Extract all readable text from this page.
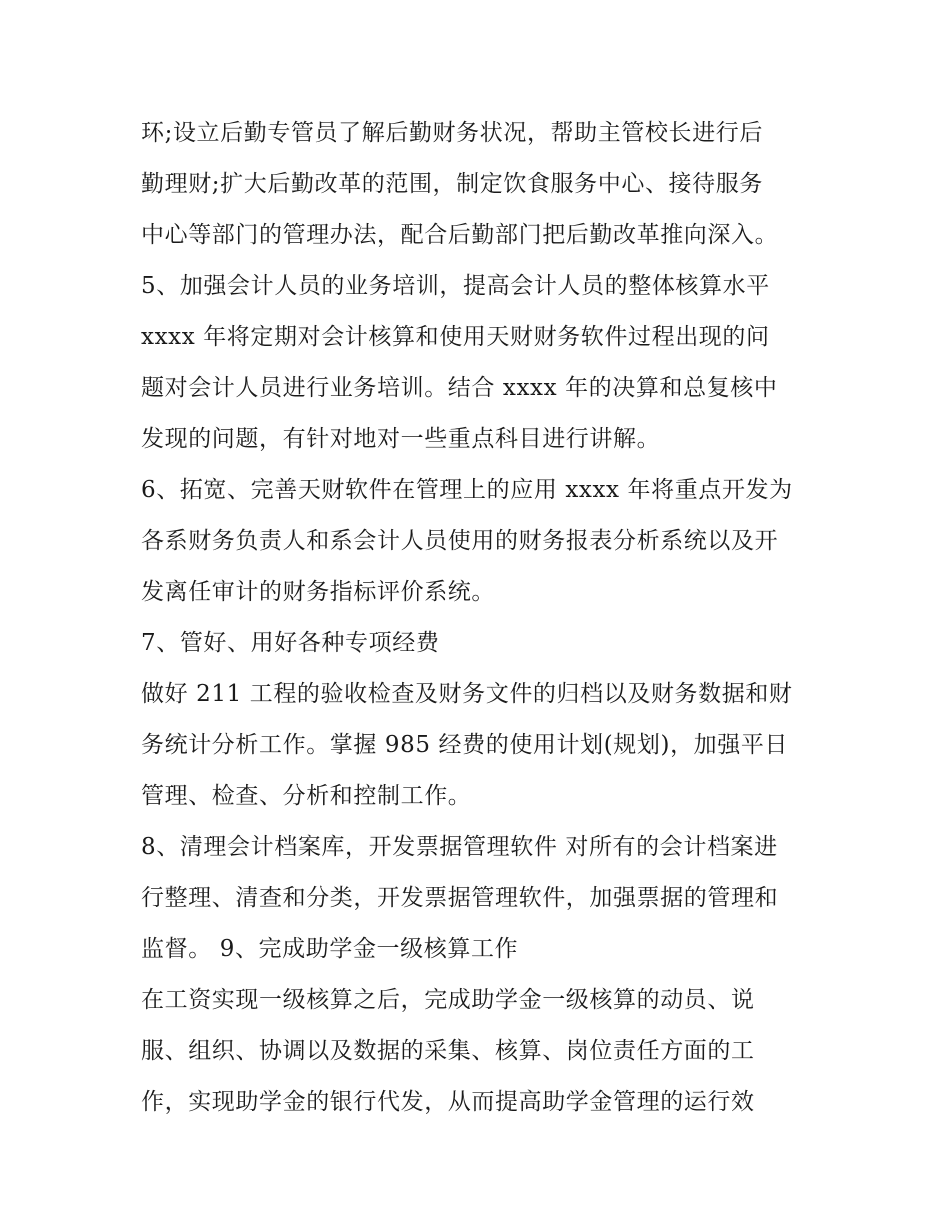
环;设立后勤专管员了解后勤财务状况，帮助主管校长进行后
勤理财;扩大后勤改革的范围，制定饮食服务中心、接待服务
中心等部门的管理办法，配合后勤部门把后勤改革推向深入。
5、加强会计人员的业务培训，提高会计人员的整体核算水平
xxxx 年将定期对会计核算和使用天财财务软件过程出现的问
题对会计人员进行业务培训。结合 xxxx 年的决算和总复核中
发现的问题，有针对地对一些重点科目进行讲解。
6、拓宽、完善天财软件在管理上的应用 xxxx 年将重点开发为
各系财务负责人和系会计人员使用的财务报表分析系统以及开
发离任审计的财务指标评价系统。
7、管好、用好各种专项经费
做好 211 工程的验收检查及财务文件的归档以及财务数据和财
务统计分析工作。掌握 985 经费的使用计划(规划)，加强平日
管理、检查、分析和控制工作。
8、清理会计档案库，开发票据管理软件 对所有的会计档案进
行整理、清查和分类，开发票据管理软件，加强票据的管理和
监督。 9、完成助学金一级核算工作
在工资实现一级核算之后，完成助学金一级核算的动员、说
服、组织、协调以及数据的采集、核算、岗位责任方面的工
作，实现助学金的银行代发，从而提高助学金管理的运行效
